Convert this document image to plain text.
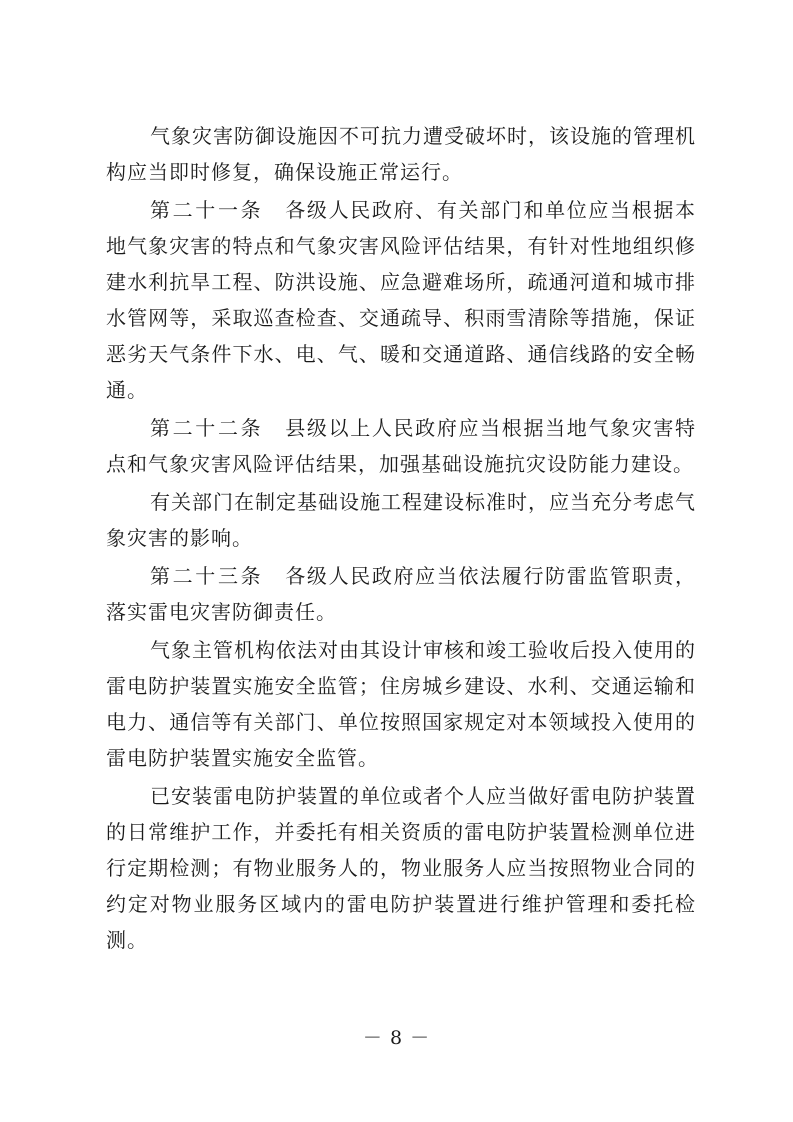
气象灾害防御设施因不可抗力遭受破坏时，该设施的管理机构应当即时修复，确保设施正常运行。

第二十一条 各级人民政府、有关部门和单位应当根据本地气象灾害的特点和气象灾害风险评估结果，有针对性地组织修建水利抗旱工程、防洪设施、应急避难场所，疏通河道和城市排水管网等，采取巡查检查、交通疏导、积雨雪清除等措施，保证恶劣天气条件下水、电、气、暖和交通道路、通信线路的安全畅通。

第二十二条 县级以上人民政府应当根据当地气象灾害特点和气象灾害风险评估结果，加强基础设施抗灾设防能力建设。

有关部门在制定基础设施工程建设标准时，应当充分考虑气象灾害的影响。

第二十三条 各级人民政府应当依法履行防雷监管职责，落实雷电灾害防御责任。

气象主管机构依法对由其设计审核和竣工验收后投入使用的雷电防护装置实施安全监管；住房城乡建设、水利、交通运输和电力、通信等有关部门、单位按照国家规定对本领域投入使用的雷电防护装置实施安全监管。

已安装雷电防护装置的单位或者个人应当做好雷电防护装置的日常维护工作，并委托有相关资质的雷电防护装置检测单位进行定期检测；有物业服务人的，物业服务人应当按照物业合同的约定对物业服务区域内的雷电防护装置进行维护管理和委托检测。

－ 8 －
